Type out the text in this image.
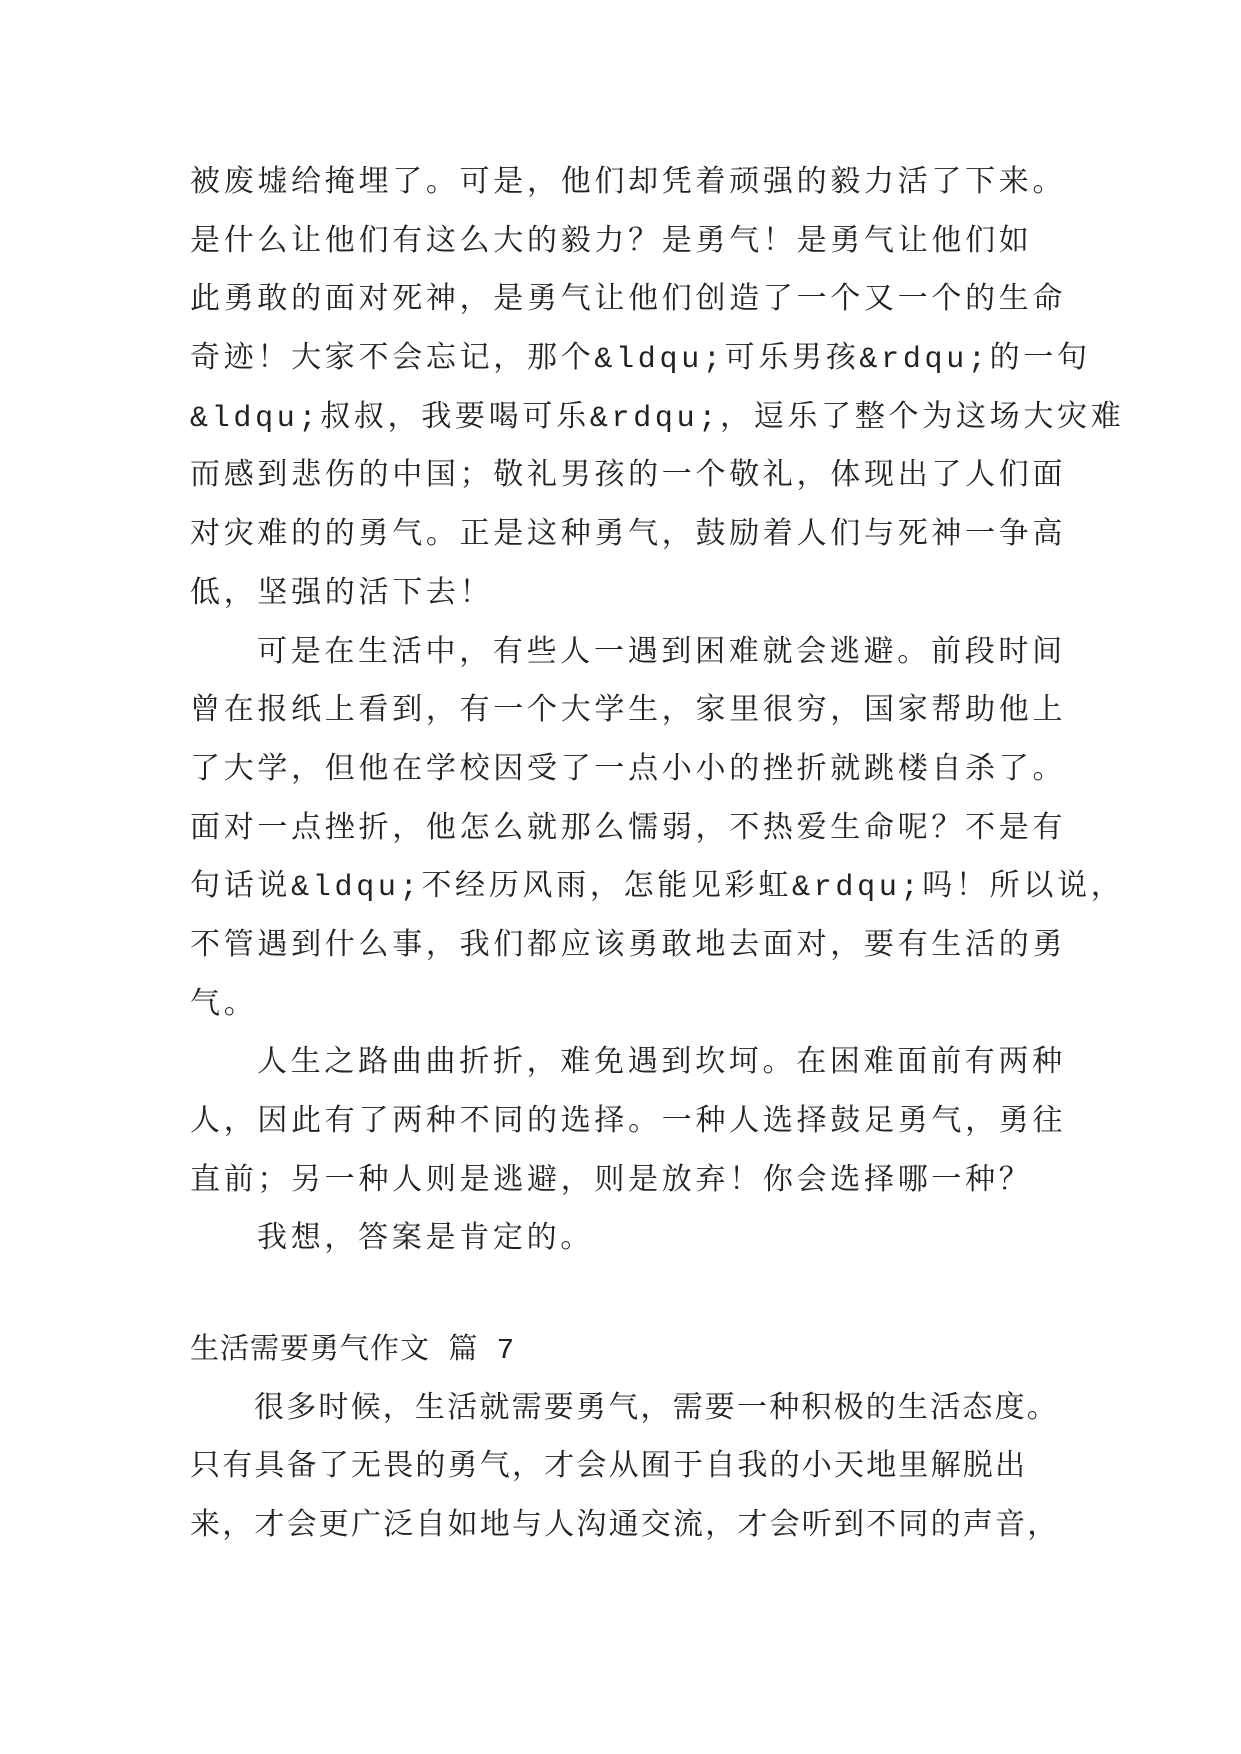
被废墟给掩埋了。可是，他们却凭着顽强的毅力活了下来。
是什么让他们有这么大的毅力？是勇气！是勇气让他们如
此勇敢的面对死神，是勇气让他们创造了一个又一个的生命
奇迹！大家不会忘记，那个&ldqu;可乐男孩&rdqu;的一句
&ldqu;叔叔，我要喝可乐&rdqu;，逗乐了整个为这场大灾难
而感到悲伤的中国；敬礼男孩的一个敬礼，体现出了人们面
对灾难的的勇气。正是这种勇气，鼓励着人们与死神一争高
低，坚强的活下去！
可是在生活中，有些人一遇到困难就会逃避。前段时间
曾在报纸上看到，有一个大学生，家里很穷，国家帮助他上
了大学，但他在学校因受了一点小小的挫折就跳楼自杀了。
面对一点挫折，他怎么就那么懦弱，不热爱生命呢？不是有
句话说&ldqu;不经历风雨，怎能见彩虹&rdqu;吗！所以说，
不管遇到什么事，我们都应该勇敢地去面对，要有生活的勇
气。
人生之路曲曲折折，难免遇到坎坷。在困难面前有两种
人，因此有了两种不同的选择。一种人选择鼓足勇气，勇往
直前；另一种人则是逃避，则是放弃！你会选择哪一种？
我想，答案是肯定的。
生活需要勇气作文 篇 7
很多时候，生活就需要勇气，需要一种积极的生活态度。
只有具备了无畏的勇气，才会从囿于自我的小天地里解脱出
来，才会更广泛自如地与人沟通交流，才会听到不同的声音，
